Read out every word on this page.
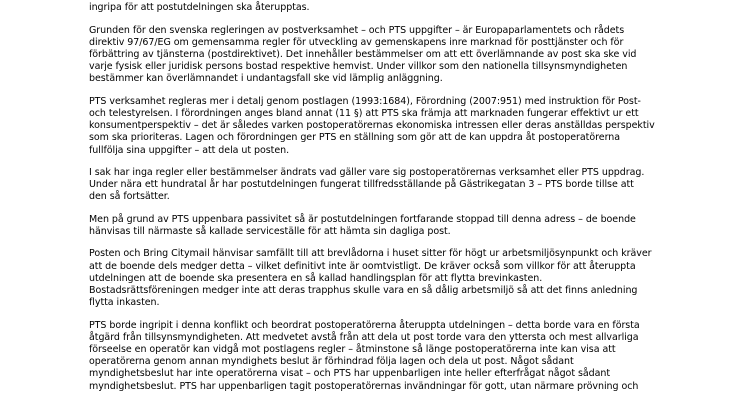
ingripa för att postutdelningen ska återupptas.

Grunden för den svenska regleringen av postverksamhet – och PTS uppgifter – är Europaparlamentets och rådets
direktiv 97/67/EG om gemensamma regler för utveckling av gemenskapens inre marknad för posttjänster och för
förbättring av tjänsterna (postdirektivet). Det innehåller bestämmelser om att ett överlämnande av post ska ske vid
varje fysisk eller juridisk persons bostad respektive hemvist. Under villkor som den nationella tillsynsmyndigheten
bestämmer kan överlämnandet i undantagsfall ske vid lämplig anläggning.

PTS verksamhet regleras mer i detalj genom postlagen (1993:1684), Förordning (2007:951) med instruktion för Post-
och telestyrelsen. I förordningen anges bland annat (11 §) att PTS ska främja att marknaden fungerar effektivt ur ett
konsumentperspektiv – det är således varken postoperatörernas ekonomiska intressen eller deras anställdas perspektiv
som ska prioriteras. Lagen och förordningen ger PTS en ställning som gör att de kan uppdra åt postoperatörerna
fullfölja sina uppgifter – att dela ut posten.

I sak har inga regler eller bestämmelser ändrats vad gäller vare sig postoperatörernas verksamhet eller PTS uppdrag.
Under nära ett hundratal år har postutdelningen fungerat tillfredsställande på Gästrikegatan 3 – PTS borde tillse att
den så fortsätter.

Men på grund av PTS uppenbara passivitet så är postutdelningen fortfarande stoppad till denna adress – de boende
hänvisas till närmaste så kallade serviceställe för att hämta sin dagliga post.

Posten och Bring Citymail hänvisar samfällt till att brevlådorna i huset sitter för högt ur arbetsmiljösynpunkt och kräver
att de boende dels medger detta – vilket definitivt inte är oomtvistligt. De kräver också som villkor för att återuppta
utdelningen att de boende ska presentera en så kallad handlingsplan för att flytta brevinkasten.
Bostadsrättsföreningen medger inte att deras trapphus skulle vara en så dålig arbetsmiljö så att det finns anledning
flytta inkasten.

PTS borde ingripit i denna konflikt och beordrat postoperatörerna återuppta utdelningen – detta borde vara en första
åtgärd från tillsynsmyndigheten. Att medvetet avstå från att dela ut post torde vara den yttersta och mest allvarliga
förseelse en operatör kan vidgå mot postlagens regler – åtminstone så länge postoperatörerna inte kan visa att
operatörerna genom annan myndighets beslut är förhindrad följa lagen och dela ut post. Något sådant
myndighetsbeslut har inte operatörerna visat – och PTS har uppenbarligen inte heller efterfrågat något sådant
myndighetsbeslut. PTS har uppenbarligen tagit postoperatörernas invändningar för gott, utan närmare prövning och
